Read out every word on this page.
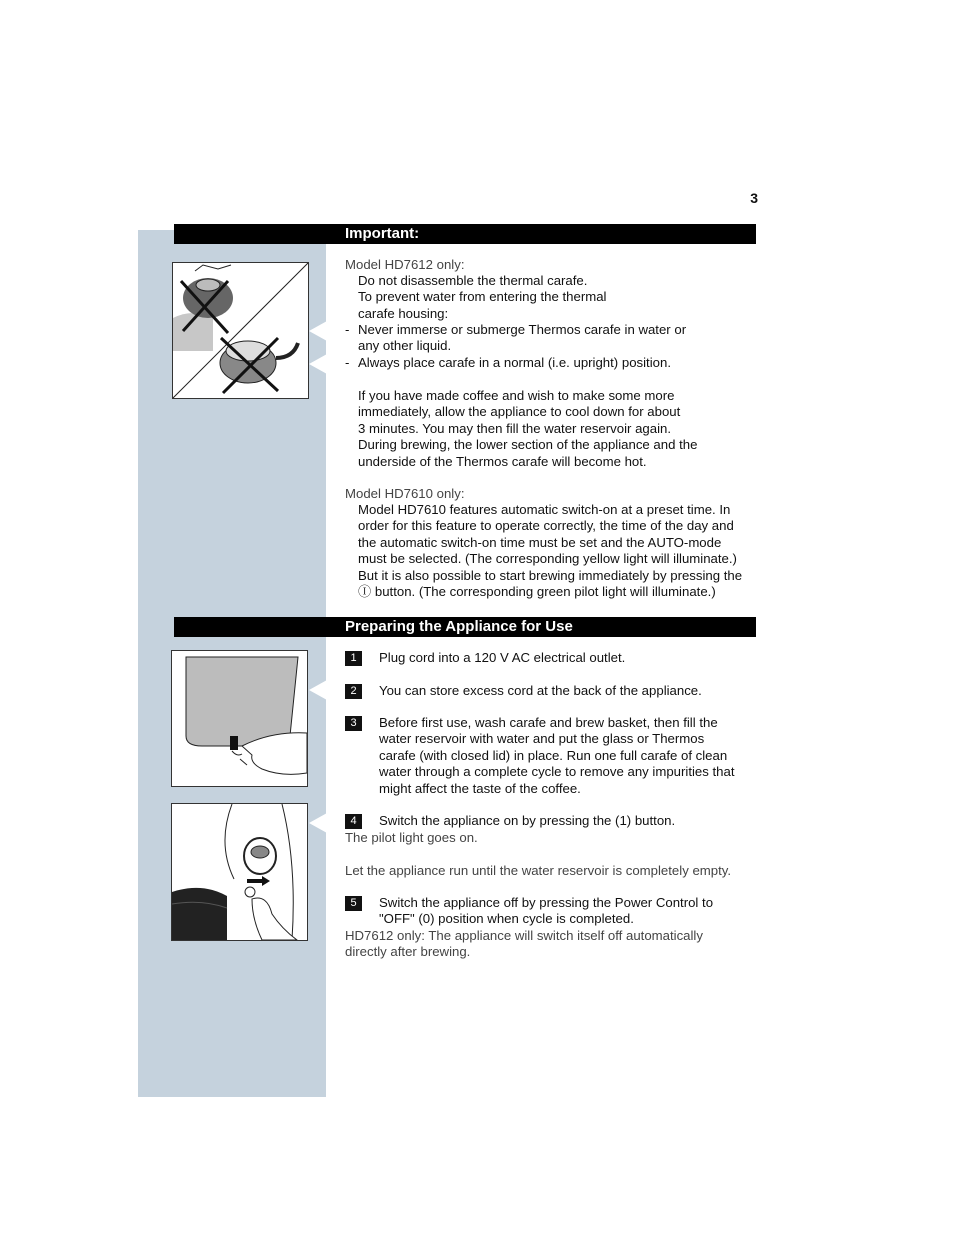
3
Important:
Model HD7612 only:
Do not disassemble the thermal carafe.
To prevent water from entering the thermal
carafe housing:
- Never immerse or submerge Thermos carafe in water or
any other liquid.
- Always place carafe in a normal (i.e. upright) position.
If you have made coffee and wish to make some more
immediately, allow the appliance to cool down for about
3 minutes. You may then fill the water reservoir again.
During brewing, the lower section of the appliance and the
underside of the Thermos carafe will become hot.
Model HD7610 only:
Model HD7610 features automatic switch-on at a preset time. In
order for this feature to operate correctly, the time of the day and
the automatic switch-on time must be set and the AUTO-mode
must be selected. (The corresponding yellow light will illuminate.)
But it is also possible to start brewing immediately by pressing the
Ⓘ button. (The corresponding green pilot light will illuminate.)
Preparing the Appliance for Use
1	Plug cord into a 120 V AC electrical outlet.
2	You can store excess cord at the back of the appliance.
3	Before first use, wash carafe and brew basket, then fill the
water reservoir with water and put the glass or Thermos
carafe (with closed lid) in place. Run one full carafe of clean
water through a complete cycle to remove any impurities that
might affect the taste of the coffee.
4	Switch the appliance on by pressing the (1) button.
The pilot light goes on.
Let the appliance run until the water reservoir is completely empty.
5	Switch the appliance off by pressing the Power Control to
"OFF" (0) position when cycle is completed.
HD7612 only: The appliance will switch itself off automatically
directly after brewing.
